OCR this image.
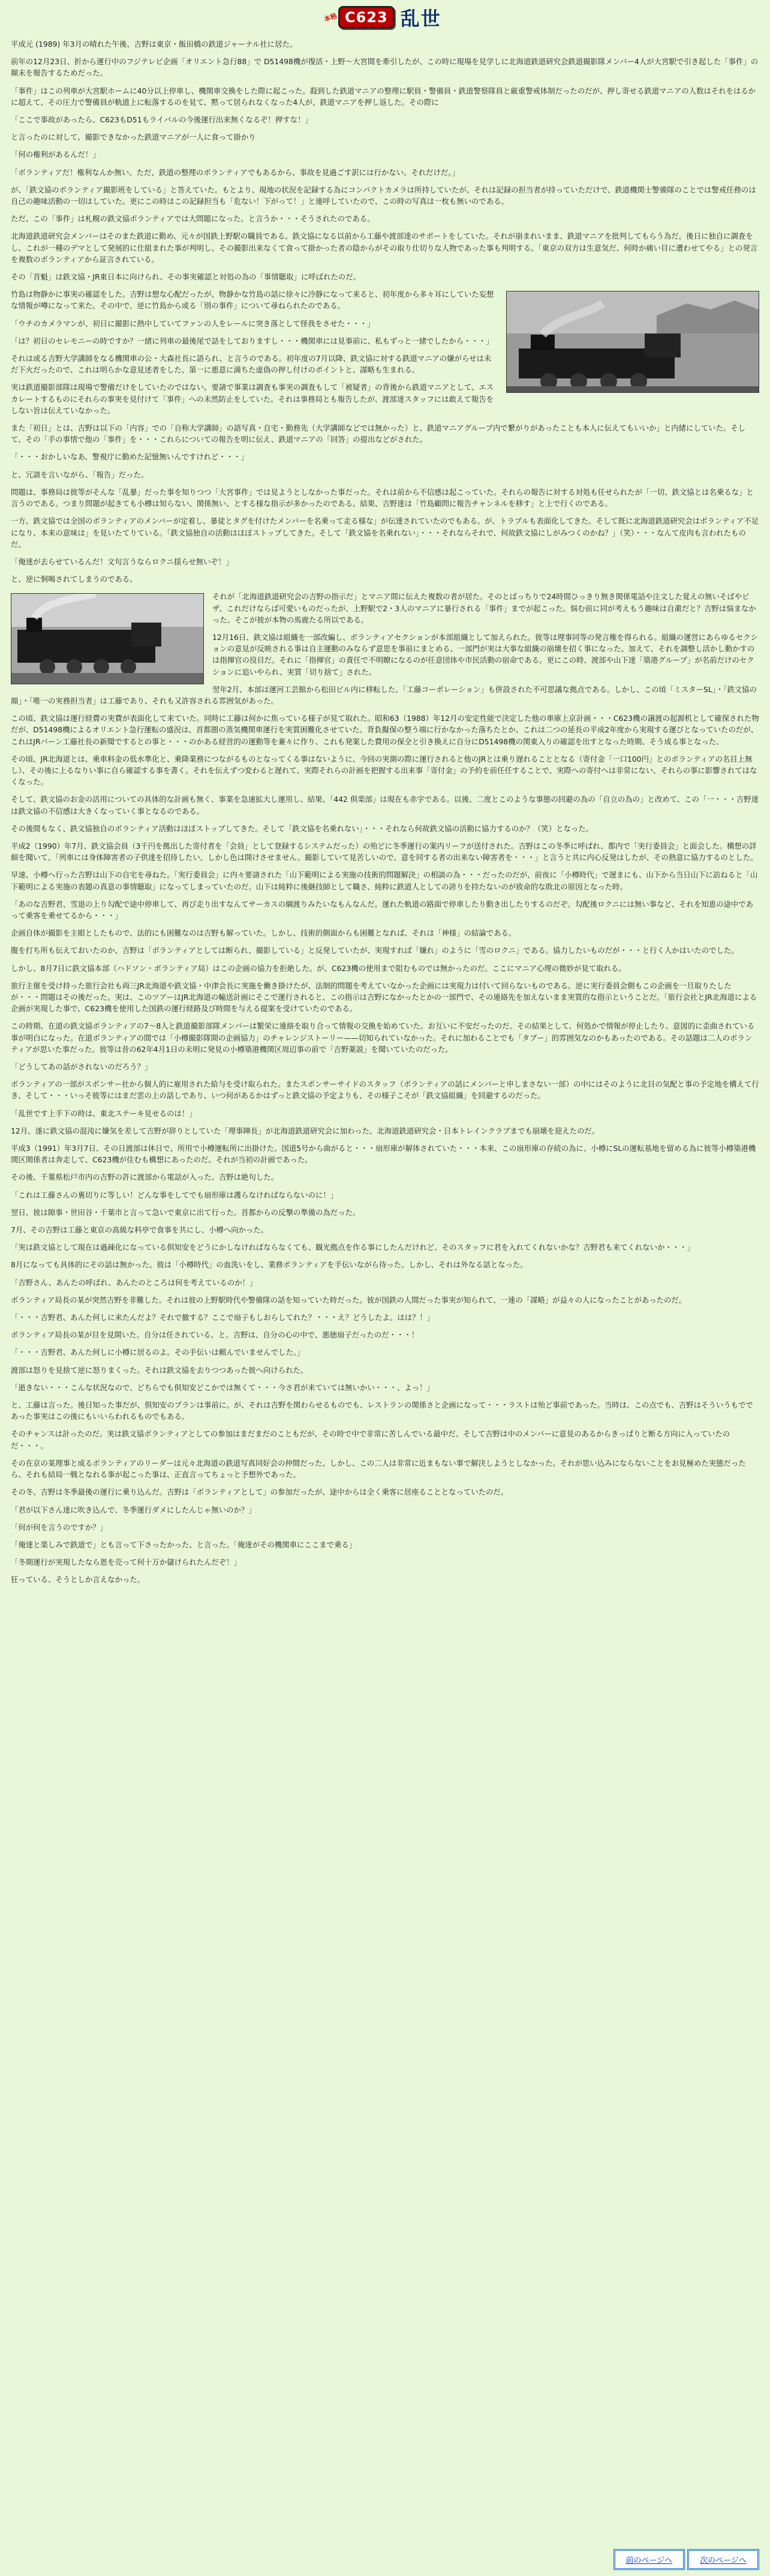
本格 C623 乱世

平成元 (1989) 年3月の晴れた午後、吉野は東京・飯田橋の鉄道ジャーナル社に居た。

前年の12月23日、折から運行中のフジテレビ企画「オリエント急行88」で D51498機が復活・上野〜大宮間を牽引したが、この時に現場を見学しに北海道鉄道研究会鉄道撮影隊メンバー4人が大宮駅で引き起した「事件」の顛末を報告するためだった。

「事件」はこの列車が大宮駅ホームに40分以上停車し、機関車交換をした際に起こった。殺到した鉄道マニアの整理に駅員・警備員・鉄道警察隊員と厳重警戒体制だったのだが、押し寄せる鉄道マニアの人数はそれをはるかに超えて、その圧力で警備員が軌道上に転落するのを見て、黙って居られなくなった4人が、鉄道マニアを押し返した。その際に

「ここで事故があったら、C623もD51もライバルの今後運行出来無くなるぞ！押すな！」

と言ったのに対して、撮影できなかった鉄道マニアが一人に食って掛かり

「何の権利があるんだ！」

「ボランティアだ！権利なんか無い。ただ、鉄道の整理のボランティアでもあるから、事故を見過ごす訳には行かない。それだけだ。」

が、「鉄文協のボランティア撮影班をしている」と答えていた。もとより、現地の状況を記録する為にコンパクトカメラは所持していたが、それは記録の担当者が持っていただけで、鉄道機関士警備隊のことでは警戒任務のは自己の趣味活動の一切はしていた。更にこの時はこの記録担当も「危ない！下がって！」と連呼していたので、この時の写真は一枚も無いのである。

ただ、この「事件」は札幌の鉄文協ボランティアでは大問題になった。と言うか・・・そうされたのである。

北海道鉄道研究会メンバーはそのまた鉄道に勤め、元々が国鉄上野駅の職員である。鉄文協になる以前から工藤や渡部達のサポートをしていた。それが崩まれいまま、鉄道マニアを批判してもらう為だ。後日に独自に調査をし、これが一種のデマとして発展的に仕組まれた事が判明し、その撮影出来なくて食って掛かった者の陰からがその取り仕切りな人物であった事も判明する。「東京の双方は生意気だ、何時か痛い目に遭わせてやる」との発言を複数のボランティアから証言されている。

その「首魁」は鉄文協・JR東日本に向けられ、その事実確認と対処の為の「事情聴取」に呼ばれたのだ。

竹島は物静かに事実の確認をした。吉野は想な心配だったが、物静かな竹島の話に徐々に冷静になって来ると、初年度から多々耳にしていた妄想な情報が噂になって来た。その中で、逆に竹島から或る「別の事件」について尋ねられたのである。

「ウチのカメラマンが、初日に撮影に熱中していてファンの人をレールに突き落として怪我をさせた・・・」

「は？初日のセレモニーの時ですか？一緒に列車の最後尾で話をしておりますし・・・機関車には見事前に、私もずっと一緒でしたから・・・」

それは或る吉野大学講師をなる機関車の公・大森社長に語られ、と言うのである。初年度の7月以降、鉄文協に対する鉄道マニアの嫌がらせは未だ下火だったので、これは明らかな意見述者をした、第一に悪意に満ちた虚偽の押し付けのポイントと、謀略も生まれる。

実は鉄道撮影部隊は現場で警備だけをしていたのではない。要請で事業は調査も事実の調査もして「被疑者」の背後から鉄道マニアとして、エスカレートするものにそれらの事実を見付けて「事件」への未然防止をしていた。それは事務局とも報告したが、渡部達スタッフには敢えて報告をしない旨は伝えていなかった。

また「初日」とは、吉野は以下の「内容」での「自称大学講師」の語写真・自宅・勤務先（大学講師などでは無かった）と、鉄道マニアグループ内で繋がりがあったことも本人に伝えてもいいか」と内緒にしていた。そして、その「手の事情で他の「事件」を・・・これらについての報告を明に伝え、鉄道マニアの「回答」の提出などがされた。

「・・・おかしいなあ、警視庁に勤めた記憶無いんですけれど・・・」

と、冗談を言いながら、「報告」だった。

問題は、事務局は彼等がそんな「乱暴」だった事を知りつつ「大宮事件」では見ようとしなかった事だった。それは前から不信感は起こっていた。それらの報告に対する対処も任せられたが「一切、鉄文協とは名乗るな」と言うのである。つまり問題が起きても小樽は知らない、関係無い、とする様な指示が多かったのである。結果、吉野達は「竹島顧問に報告チャンネルを移す」と上で行くのである。

一方、鉄文協では全国のボランティアのメンバーが定着し、暴徒とタグを付けたメンバーを名乗って走る様な」が伝達されていたのでもある。が、トラブルも表面化してきた。そして既に北海道鉄道研究会はボランティア不足になり、本来の意味は」を見いたてりている。「鉄文協独自の活動はほぼストップしてきた。そして「鉄文協を名乗れない」・・・それならそれで、何故鉄文協にしがみつくのかね？」（笑）・・・なんて皮肉も言われたものだ。

「俺達が去らせているんだ！文句言うならロクニ揺らせ無いぞ！」

と、逆に恫喝されてしまうのである。

それが「北海道鉄道研究会の吉野の指示だ」とマニア間に伝えた複数の者が居た。そのとばっちりで24時間ひっきり無き関係電話や注文した覚えの無いそばやピザ、これだけならば可愛いものだったが、上野駅で2・3人のマニアに暴行される「事件」までが起こった。悩む前に同が考えもう趣味は自粛だと？吉野は悩まなかった。そこが彼が本物の馬鹿たる所以である。

12月16日、鉄文協は組織を一部改編し、ボランティアセクションが本部組織として加えられた。彼等は理事同等の発言権を得られる。組織の運営にあらゆるセクションの意見が反映される事は自主運動のみならず意思を事前にまとめる、一部門が実は大事な組織の崩壊を招く事になった。加えて、それを調整し活かし動かすのは指揮官の役目だ。それに「指揮官」の責任で不明瞭になるのが任意団体や市民活動の宿命である。更にこの時、渡部や山下達「築港グループ」が名前だけのセクションに追いやられ、実質「切り捨て」された。

翌年2月、本部は運河工芸館から松田ビル内に移転した。「工藤コーポレーション」も併設された不可思議な拠点である。しかし、この頃「ミスターSL」・「鉄文協の顔」・「唯一の実務担当者」は工藤であり、それも又許容される雰囲気があった。

この頃、鉄文協は運行経費の実費が表面化して来ていた。同時に工藤は何かに焦っている様子が見て取れた。昭和63（1988）年12月の安定性能で決定した他の車庫上京計画・・・C623機の譲渡の起源机として確保された物だが、D51498機によるオリエント急行運転の盛況は、首都圏の蒸気機関車運行を実質困難化させていた。背負擬保の整う端に行かなかった落ちたとか、これは二つの延長の平成2年度から実現する運びとなっていたのだが、これはJRバーン工藤社長の新聞でするとの事と・・・のかある経営的の運動等を兼々に作り、これも発案した費用の保全と引き換えに自分にD51498機の関東入りの確認を出すとなった時期、そう成る事となった。

その頃、JR北海道とは、乗車料金の低水準化と、乗降業務につながるものとなってくる事はないように、今回の実測の際に運行されると他のJRとは乗り遅れることとなる（寄付金「一口100円」とのボランティアの名目上無し）、その後に上るなりい事に自ら確認する事を書く。それを伝えずつ変わると遅れて、実際それらの計画を把握する出来事「寄付金」の予約を前任任することで、実際への寄付へは非常にない、それらの事に影響されてはなくなった。

そして、鉄文協のお金の活用についての具体的な計画も無く、事業を急速拡大し運用し、結果、「442 倶楽部」は現在も赤字である。以後、二度とこのような事態の回避の為の「自立の為の」と改めて、この「一・・・吉野達は鉄文協の不信感は大きくなっていく事となるのである。

その後間もなく、鉄文協独自のボランティア活動はほぼストップしてきた。そして「鉄文協を名乗れない」・・・それなら何故鉄文協の活動に協力するのか？（笑）となった。

平成2（1990）年7月、鉄文協会員（3千円を拠出した寄付者を「会員」として登録するシステムだった）の殆どに冬季運行の案内リーフが送付された。吉野はこの冬季に呼ばれ、都内で「実行委員会」と面会した。構想の詳細を聞いて、「列車には身体障害者の子供達を招待したい。しかし色は開けさせません。撮影していて見苦しいので、意を同する者の出来ない障害者を・・・」と言うと共に内心反発はしたが、その熱意に協力するのとした。

早速、小樽へ行った吉野は山下の自宅を尋ねた。「実行委員会」に内々要請された「山下範明による実施の技術的問題解決」の相談の為・・・だったのだが、前夜に「小樽時代」で遅まにも、山下から当日山下に訪ねると「山下範明による実施の表題の真意の事情聴取」になってしまっていたのだ。山下は純粋に後継技師として職さ、純粋に鉄道人としての誇りを持たないのが致命的な敗北の原因となった時。

「あのな吉野君、雪退の上り勾配で途中停車して、再び走り出すなんてサーカスの綱渡りみたいなもんなんだ。運れた軌道の路面で停車したり動き出したりするのだぞ。勾配後ロクニには無い事など、それを知恵の途中であって乗客を乗せてるから・・・」

企画自体が撮影を主眼としたもので、法的にも困難なのは吉野も解っていた。しかし、技術的側面からも困難となれば、それは「神様」の結論である。

腹を打ち所も伝えておいたのか、吉野は「ボランティアとしては断られ、撮影している」と反発していたが、実現すれば「嫌れ」のように「雪のロクニ」である。協力したいものだが・・・と行く人かはいたのでした。

しかし、8月7日に鉄文協本部（ハドソン・ボランティア局）はこの企画の協力を拒絶した。が、C623機の使用まで阻むものでは無かったのだ。ここにマニア心理の微妙が見て取れる。

旅行主催を受け持った旅行会社も両三JR北海道や鉄文協・中津会長に実施を働き掛けたが、法制的問題を考えていなかった企画には実現力は付いて回らないものである。逆に実行委員会側もこの企画を一旦取りたしたが・・・問題はその後だった。実は、このツアーはJR北海道の輸送計画にそこで運行されると、この指示は吉野になかったとかの一部門で、その連絡先を加えないまま実質的な指示ということだ。「旅行会社とJR北海道による企画が実現した事で、C623機を使用した国鉄の運行経路及び時間を与える提案を受けていたのである。

この時期、在道の鉄文協ボランティアの7〜8人と鉄道撮影部隊メンバーは繁栄に連絡を取り合って情報の交換を始めていた。お互いに不安だったのだ。その結果として、何処かで情報が停止したり、意図的に歪曲されている事が明白になった。在道ボランティアの間では「小樽撮影隊開の企画協力」のチャレンジストーリー——切知られていなかった。それに加わることでも「タブー」的雰囲気なのかもあったのである。その話題は二人のボランティアが思いた事だった。彼等は昔の62年4月1日の未明に発見の小樽築港機関区周辺事の前で「吉野薬説」を聞いていたのだった。

「どうしてあの話がされないのだろう？」

ボランティアの一部がスポンサー社から個人的に雇用された給与を受け取られた。またスポンサーサイドのスタッフ（ボランティアの話にメンバーと申しまさない一部）の中にはそのように北目の気配と事の予定地を構えて行き、そして・・・いっそ彼等にはまだ雲の上の話しであり、いつ何があるかはずっと鉄文協の予定よりも、その様子こそが「鉄文協組織」を回避するのだった。

「乱世です上手下の時は、東北ステーキ見せるのは！」

12月、遂に鉄文協の混沌に嫌気を差して吉野が辞りとしていた「理事陣長」が北海道鉄道研究会に加わった。北海道鉄道研究会・日本トレインクラブまでも崩壊を迎えたのだ。

平成3（1991）年3月7日、その日渡部は休日で、所用で小樽運転所に出掛けた。国道5号から曲がると・・・扇形庫が解体されていた・・・本来、この扇形庫の存続の為に、小樽にSLの運転基地を留める為に彼等小樽築港機関区関係者は奔走して、C623機が住むも構想にあったのだ。それが当初の計画であった。

その後、千葉県松戸市内の吉野の許に渡部から電話が入った。吉野は絶句した。

「これは工藤さんの裏切りに等しい！どんな事をしてでも扇形庫は護らなければならないのに！」

翌日、彼は隙事・世田谷・千葉市と言って急いで東京に出て行った。首都からの反撃の準備の為だった。

7月、その吉野は工藤と東京の高級な料亭で食事を共にし、小樽へ向かった。

「実は鉄文協として現在は過疎化になっている倶知安をどうにかしなければならなくても、観光拠点を作る事にしたんだけれど、そのスタッフに君を入れてくれないかな？吉野君も来てくれないか・・・」

8月になっても具体的にその話は無かった。彼は「小樽時代」の血洗いをし、業務ボランティアを手伝いながら待った。しかし、それは外なる話となった。

「吉野さん、あんたの呼ばれ、あんたのところは何を考えているのか！」

ボランティア局長の某が突然吉野を非難した。それは彼の上野駅時代や警備隊の話を知っていた時だった。彼が国鉄の人間だった事実が知られて、一連の「謀略」が益々の人になったことがあったのだ。

「・・・吉野君、あんた何しに来たんだよ？それで撤する？ここで扇子もしおらしてれた？・・・え？どうしたよ。はは？！」

ボランティア局長の某が目を見開いた。自分は任されている、と。吉野は、自分の心の中で、悪徳扇子だったのだ・・・！

「・・・吉野君、あんた何しに小樽に居るのよ。その手伝いは頼んでいませんでした。」

渡部は怒りを見捨て逆に怒りまくった。それは鉄文協を去りつつあった彼へ向けられた。

「逝きない・・・こんな状況なので、どちらでも倶知安どこかでは無くて・・・今さ君が来ていては無いかい・・・、よっ！」

と、工藤は言った。後日知った事だが、倶知安のプランは事前に。が、それは吉野を関わらせるものでも、レストランの関係さと企画になって・・・ラストは殆ど事前であった。当時は、この点でも、吉野はそういうもでであった事実はこの後にもいいらわれるものでもある。

そのチャンスは計ったのだ。実は鉄文協ボランティアとしての参加はまだまだのこともだが、その時で中で非常に苦しんでいる最中だ。そして吉野は中のメンバーに意見のあるからきっぱりと断る方向に入っていたのだ・・・。

その在京の某理事と成るボランティアのリーダーは元々北海道の鉄道写真同好会の仲間だった。しかし、この二人は非常に近まもない事で解決しようとしなかった。それが思い込みにならないことをお見極めた実態だったら、それも結局一戦となれる事が起こった事は、正直言ってちょっと予想外であった。

その冬、吉野は冬季最後の運行に乗り込んだ。吉野は「ボランティアとして」の参加だったが、途中からは全く乗客に居座ることとなっていたのだ。

「君が以下さん達に吹き込んで、冬季運行ダメにしたんじゃ無いのか？」

「何が何を言うのですか？」

「俺達と楽しみで鉄道で」とも言って下さったかった、と言った。「俺達がその機関車にここまで乗る」

「冬期運行が実現したなら恩を売って何十万か儲けられたんだぞ！」

狂っている、そうとしか言えなかった。

前のページへ	次のページへ
